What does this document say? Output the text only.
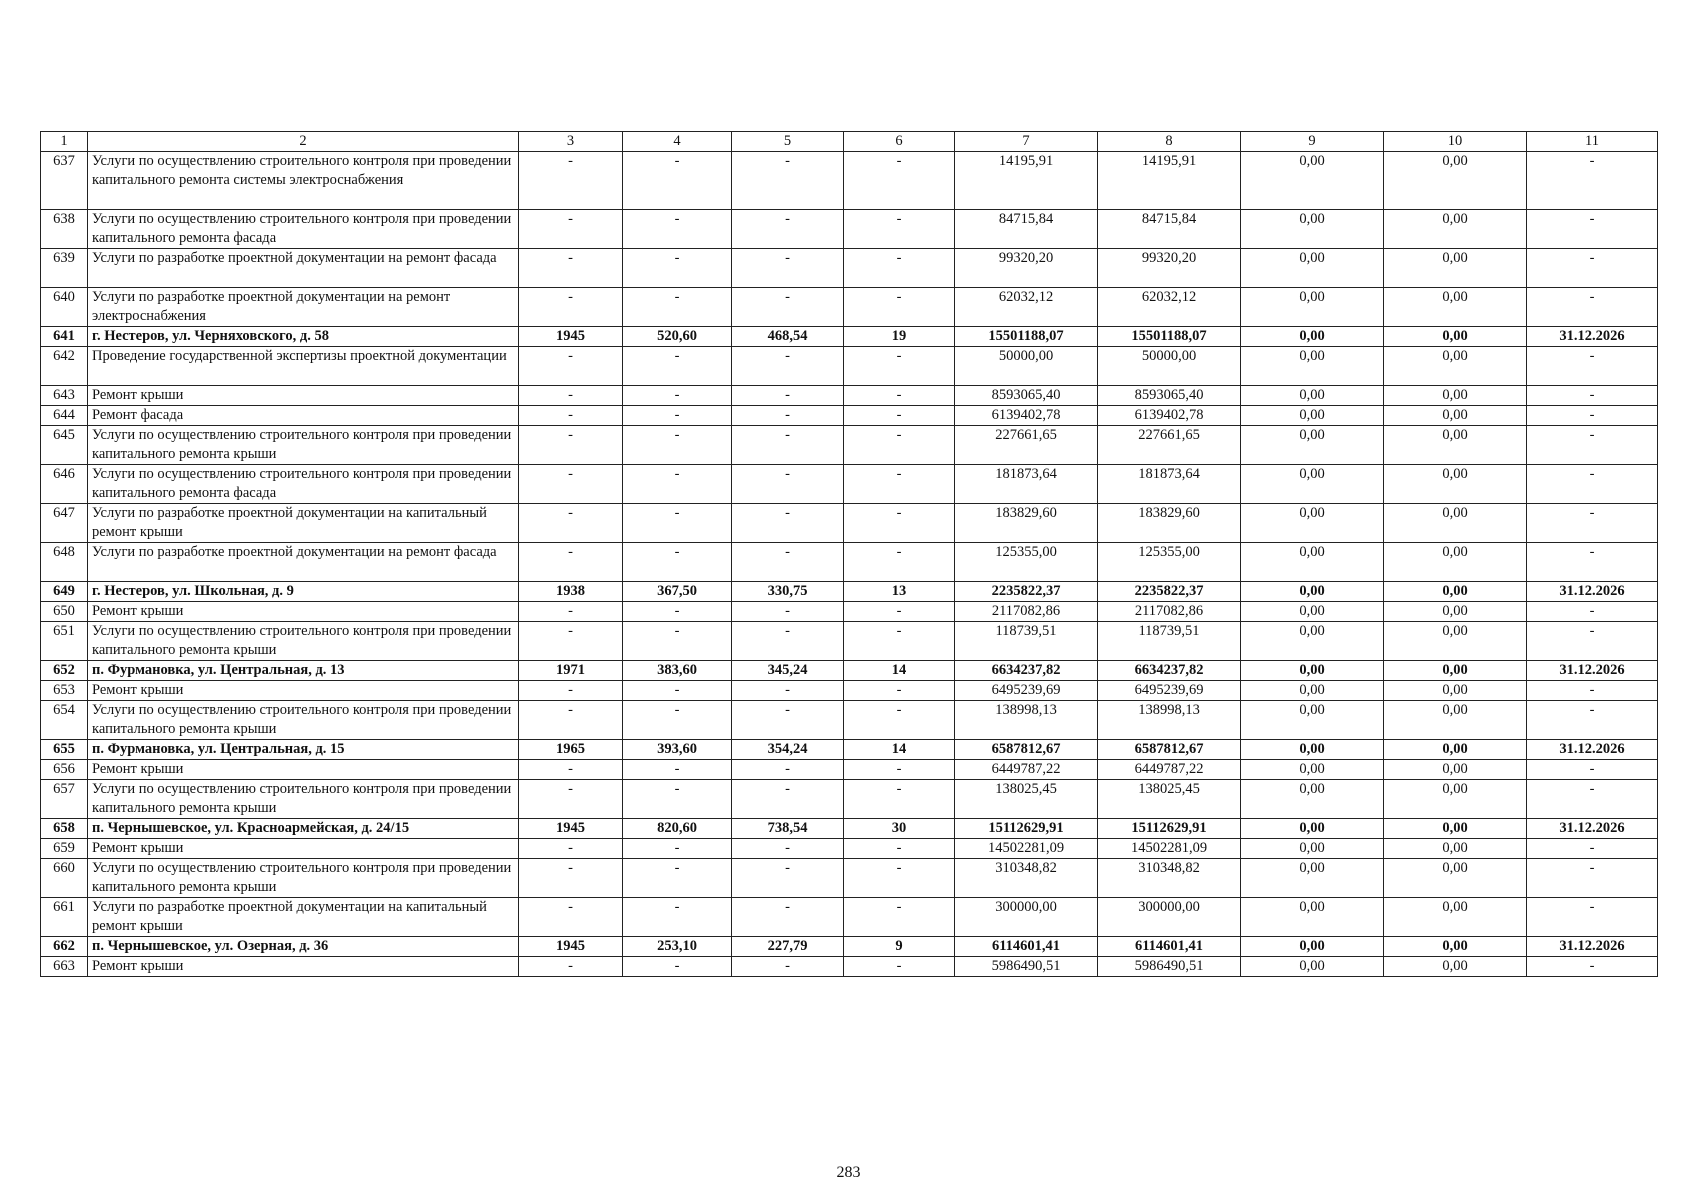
1	2	3	4	5	6	7	8	9	10	11
637	Услуги по осуществлению строительного контроля при проведении капитального ремонта системы электроснабжения	-	-	-	-	14195,91	14195,91	0,00	0,00	-
638	Услуги по осуществлению строительного контроля при проведении капитального ремонта фасада	-	-	-	-	84715,84	84715,84	0,00	0,00	-
639	Услуги по разработке проектной документации на ремонт фасада	-	-	-	-	99320,20	99320,20	0,00	0,00	-
640	Услуги по разработке проектной документации на ремонт электроснабжения	-	-	-	-	62032,12	62032,12	0,00	0,00	-
641	г. Нестеров, ул. Черняховского, д. 58	1945	520,60	468,54	19	15501188,07	15501188,07	0,00	0,00	31.12.2026
642	Проведение государственной экспертизы проектной документации	-	-	-	-	50000,00	50000,00	0,00	0,00	-
643	Ремонт крыши	-	-	-	-	8593065,40	8593065,40	0,00	0,00	-
644	Ремонт фасада	-	-	-	-	6139402,78	6139402,78	0,00	0,00	-
645	Услуги по осуществлению строительного контроля при проведении капитального ремонта крыши	-	-	-	-	227661,65	227661,65	0,00	0,00	-
646	Услуги по осуществлению строительного контроля при проведении капитального ремонта фасада	-	-	-	-	181873,64	181873,64	0,00	0,00	-
647	Услуги по разработке проектной документации на капитальный ремонт крыши	-	-	-	-	183829,60	183829,60	0,00	0,00	-
648	Услуги по разработке проектной документации на ремонт фасада	-	-	-	-	125355,00	125355,00	0,00	0,00	-
649	г. Нестеров, ул. Школьная, д. 9	1938	367,50	330,75	13	2235822,37	2235822,37	0,00	0,00	31.12.2026
650	Ремонт крыши	-	-	-	-	2117082,86	2117082,86	0,00	0,00	-
651	Услуги по осуществлению строительного контроля при проведении капитального ремонта крыши	-	-	-	-	118739,51	118739,51	0,00	0,00	-
652	п. Фурмановка, ул. Центральная, д. 13	1971	383,60	345,24	14	6634237,82	6634237,82	0,00	0,00	31.12.2026
653	Ремонт крыши	-	-	-	-	6495239,69	6495239,69	0,00	0,00	-
654	Услуги по осуществлению строительного контроля при проведении капитального ремонта крыши	-	-	-	-	138998,13	138998,13	0,00	0,00	-
655	п. Фурмановка, ул. Центральная, д. 15	1965	393,60	354,24	14	6587812,67	6587812,67	0,00	0,00	31.12.2026
656	Ремонт крыши	-	-	-	-	6449787,22	6449787,22	0,00	0,00	-
657	Услуги по осуществлению строительного контроля при проведении капитального ремонта крыши	-	-	-	-	138025,45	138025,45	0,00	0,00	-
658	п. Чернышевское, ул. Красноармейская, д. 24/15	1945	820,60	738,54	30	15112629,91	15112629,91	0,00	0,00	31.12.2026
659	Ремонт крыши	-	-	-	-	14502281,09	14502281,09	0,00	0,00	-
660	Услуги по осуществлению строительного контроля при проведении капитального ремонта крыши	-	-	-	-	310348,82	310348,82	0,00	0,00	-
661	Услуги по разработке проектной документации на капитальный ремонт крыши	-	-	-	-	300000,00	300000,00	0,00	0,00	-
662	п. Чернышевское, ул. Озерная, д. 36	1945	253,10	227,79	9	6114601,41	6114601,41	0,00	0,00	31.12.2026
663	Ремонт крыши	-	-	-	-	5986490,51	5986490,51	0,00	0,00	-
283
